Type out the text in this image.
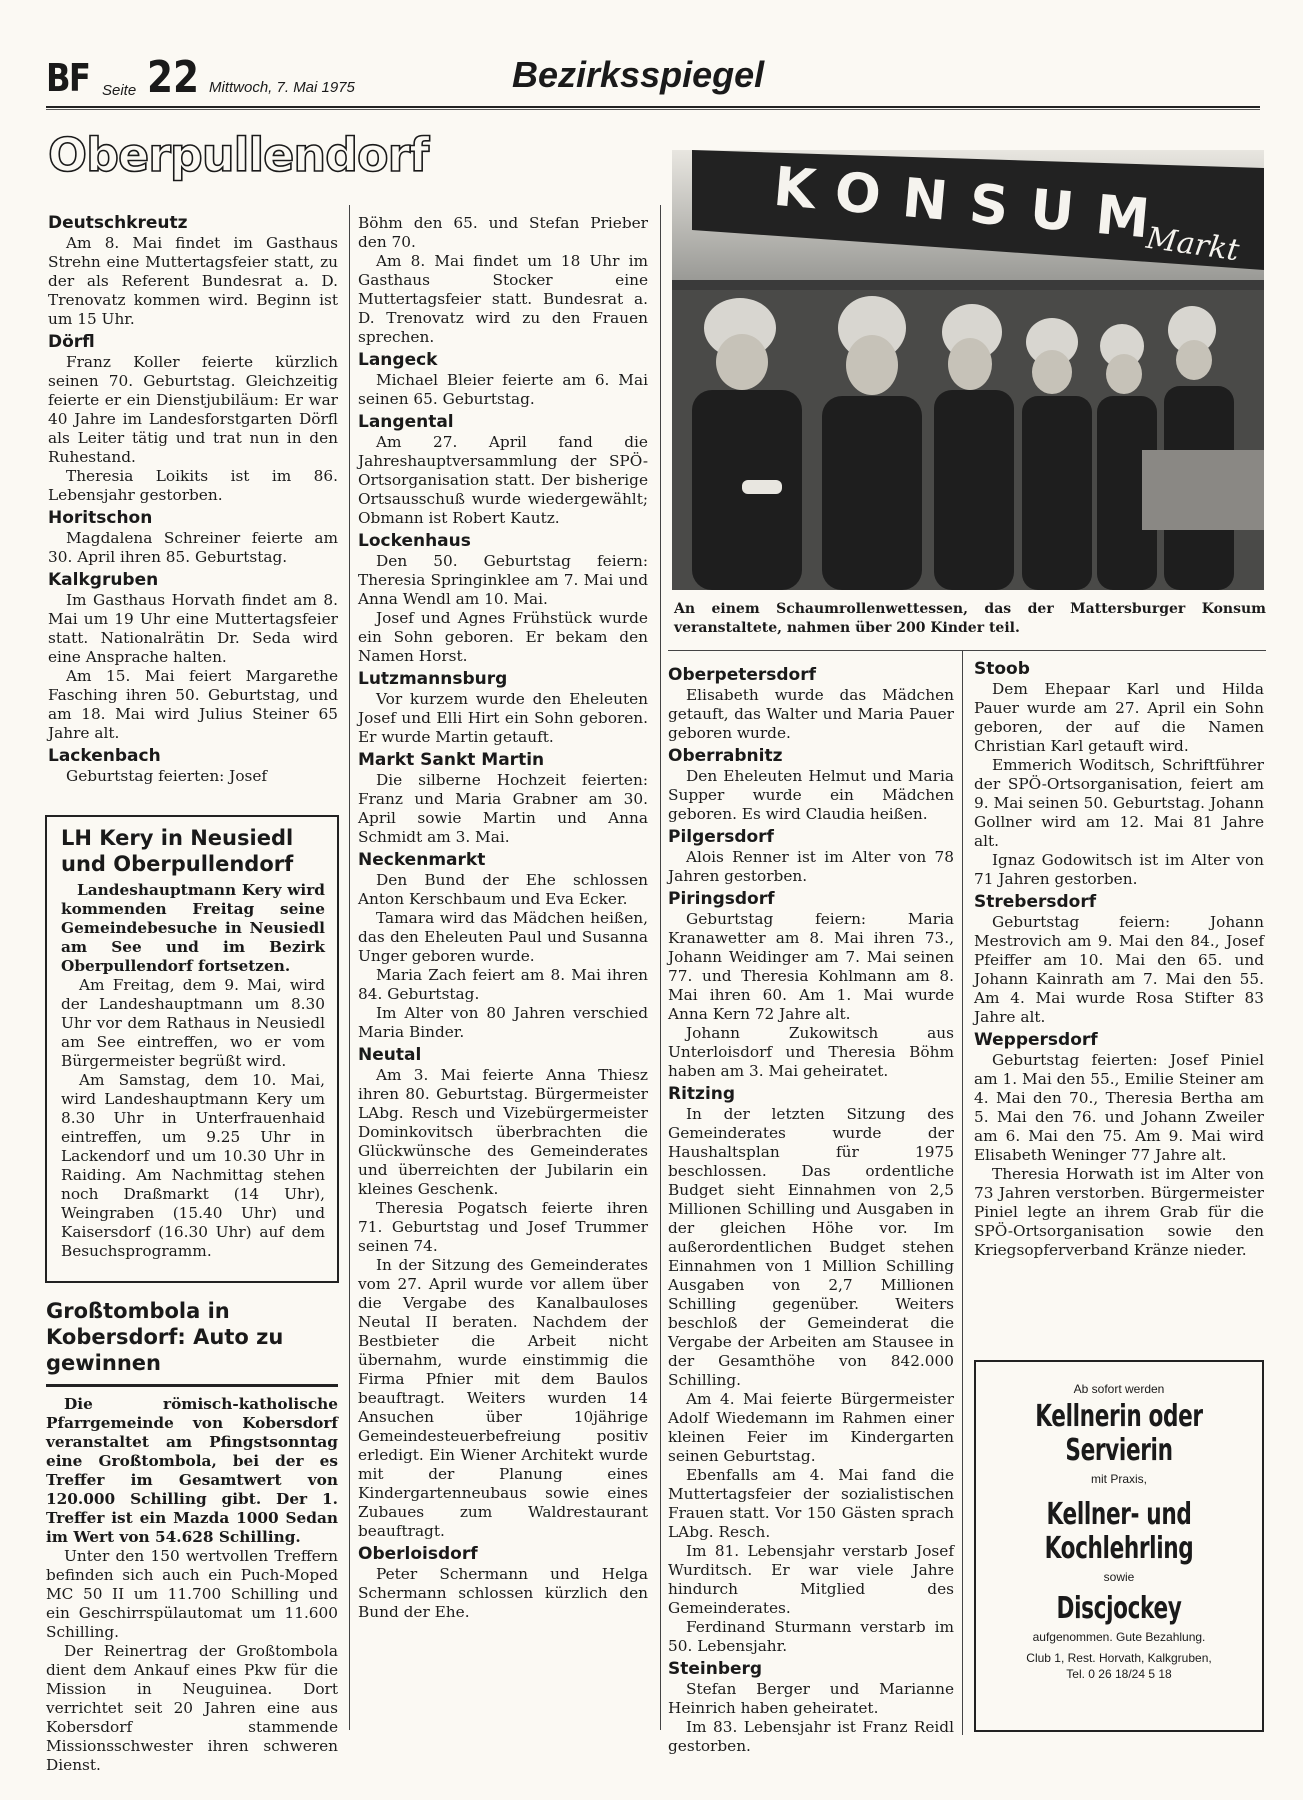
BF Seite 22 Mittwoch, 7. Mai 1975	Bezirksspiegel
Oberpullendorf
Deutschkreutz

Am 8. Mai findet im Gasthaus Strehn eine Muttertagsfeier statt, zu der als Referent Bundesrat a. D. Trenovatz kommen wird. Beginn ist um 15 Uhr.

Dörfl

Franz Koller feierte kürzlich seinen 70. Geburtstag. Gleichzeitig feierte er ein Dienstjubiläum: Er war 40 Jahre im Landesforstgarten Dörfl als Leiter tätig und trat nun in den Ruhestand.

Theresia Loikits ist im 86. Lebensjahr gestorben.

Horitschon

Magdalena Schreiner feierte am 30. April ihren 85. Geburtstag.

Kalkgruben

Im Gasthaus Horvath findet am 8. Mai um 19 Uhr eine Muttertagsfeier statt. Nationalrätin Dr. Seda wird eine Ansprache halten.

Am 15. Mai feiert Margarethe Fasching ihren 50. Geburtstag, und am 18. Mai wird Julius Steiner 65 Jahre alt.

Lackenbach

Geburtstag feierten: Josef

Böhm den 65. und Stefan Prieber den 70.

Am 8. Mai findet um 18 Uhr im Gasthaus Stocker eine Muttertagsfeier statt. Bundesrat a. D. Trenovatz wird zu den Frauen sprechen.

Langeck

Michael Bleier feierte am 6. Mai seinen 65. Geburtstag.

Langental

Am 27. April fand die Jahreshauptversammlung der SPÖ-Ortsorganisation statt. Der bisherige Ortsausschuß wurde wiedergewählt; Obmann ist Robert Kautz.

Lockenhaus

Den 50. Geburtstag feiern: Theresia Springinklee am 7. Mai und Anna Wendl am 10. Mai.

Josef und Agnes Frühstück wurde ein Sohn geboren. Er bekam den Namen Horst.

Lutzmannsburg

Vor kurzem wurde den Eheleuten Josef und Elli Hirt ein Sohn geboren. Er wurde Martin getauft.

Markt Sankt Martin

Die silberne Hochzeit feierten: Franz und Maria Grabner am 30. April sowie Martin und Anna Schmidt am 3. Mai.

Neckenmarkt

Den Bund der Ehe schlossen Anton Kerschbaum und Eva Ecker.

Tamara wird das Mädchen heißen, das den Eheleuten Paul und Susanna Unger geboren wurde.

Maria Zach feiert am 8. Mai ihren 84. Geburtstag.

Im Alter von 80 Jahren verschied Maria Binder.

Neutal

Am 3. Mai feierte Anna Thiesz ihren 80. Geburtstag. Bürgermeister LAbg. Resch und Vizebürgermeister Dominkovitsch überbrachten die Glückwünsche des Gemeinderates und überreichten der Jubilarin ein kleines Geschenk.

Theresia Pogatsch feierte ihren 71. Geburtstag und Josef Trummer seinen 74.

In der Sitzung des Gemeinderates vom 27. April wurde vor allem über die Vergabe des Kanalbauloses Neutal II beraten. Nachdem der Bestbieter die Arbeit nicht übernahm, wurde einstimmig die Firma Pfnier mit dem Baulos beauftragt. Weiters wurden 14 Ansuchen über 10jährige Gemeindesteuerbefreiung positiv erledigt. Ein Wiener Architekt wurde mit der Planung eines Kindergartenneubaus sowie eines Zubaues zum Waldrestaurant beauftragt.

Oberloisdorf

Peter Schermann und Helga Schermann schlossen kürzlich den Bund der Ehe.

LH Kery in Neusiedl und Oberpullendorf

Landeshauptmann Kery wird kommenden Freitag seine Gemeindebesuche in Neusiedl am See und im Bezirk Oberpullendorf fortsetzen.

Am Freitag, dem 9. Mai, wird der Landeshauptmann um 8.30 Uhr vor dem Rathaus in Neusiedl am See eintreffen, wo er vom Bürgermeister begrüßt wird.

Am Samstag, dem 10. Mai, wird Landeshauptmann Kery um 8.30 Uhr in Unterfrauenhaid eintreffen, um 9.25 Uhr in Lackendorf und um 10.30 Uhr in Raiding. Am Nachmittag stehen noch Draßmarkt (14 Uhr), Weingraben (15.40 Uhr) und Kaisersdorf (16.30 Uhr) auf dem Besuchsprogramm.

Großtombola in Kobersdorf: Auto zu gewinnen

Die römisch-katholische Pfarrgemeinde von Kobersdorf veranstaltet am Pfingstsonntag eine Großtombola, bei der es Treffer im Gesamtwert von 120.000 Schilling gibt. Der 1. Treffer ist ein Mazda 1000 Sedan im Wert von 54.628 Schilling.

Unter den 150 wertvollen Treffern befinden sich auch ein Puch-Moped MC 50 II um 11.700 Schilling und ein Geschirrspülautomat um 11.600 Schilling.

Der Reinertrag der Großtombola dient dem Ankauf eines Pkw für die Mission in Neuguinea. Dort verrichtet seit 20 Jahren eine aus Kobersdorf stammende Missionsschwester ihren schweren Dienst.

KONSUM
Markt
An einem Schaumrollenwettessen, das der Mattersburger Konsum veranstaltete, nahmen über 200 Kinder teil.
Oberpetersdorf

Elisabeth wurde das Mädchen getauft, das Walter und Maria Pauer geboren wurde.

Oberrabnitz

Den Eheleuten Helmut und Maria Supper wurde ein Mädchen geboren. Es wird Claudia heißen.

Pilgersdorf

Alois Renner ist im Alter von 78 Jahren gestorben.

Piringsdorf

Geburtstag feiern: Maria Kranawetter am 8. Mai ihren 73., Johann Weidinger am 7. Mai seinen 77. und Theresia Kohlmann am 8. Mai ihren 60. Am 1. Mai wurde Anna Kern 72 Jahre alt.

Johann Zukowitsch aus Unterloisdorf und Theresia Böhm haben am 3. Mai geheiratet.

Ritzing

In der letzten Sitzung des Gemeinderates wurde der Haushaltsplan für 1975 beschlossen. Das ordentliche Budget sieht Einnahmen von 2,5 Millionen Schilling und Ausgaben in der gleichen Höhe vor. Im außerordentlichen Budget stehen Einnahmen von 1 Million Schilling Ausgaben von 2,7 Millionen Schilling gegenüber. Weiters beschloß der Gemeinderat die Vergabe der Arbeiten am Stausee in der Gesamthöhe von 842.000 Schilling.

Am 4. Mai feierte Bürgermeister Adolf Wiedemann im Rahmen einer kleinen Feier im Kindergarten seinen Geburtstag.

Ebenfalls am 4. Mai fand die Muttertagsfeier der sozialistischen Frauen statt. Vor 150 Gästen sprach LAbg. Resch.

Im 81. Lebensjahr verstarb Josef Wurditsch. Er war viele Jahre hindurch Mitglied des Gemeinderates.

Ferdinand Sturmann verstarb im 50. Lebensjahr.

Steinberg

Stefan Berger und Marianne Heinrich haben geheiratet.

Im 83. Lebensjahr ist Franz Reidl gestorben.

Stoob

Dem Ehepaar Karl und Hilda Pauer wurde am 27. April ein Sohn geboren, der auf die Namen Christian Karl getauft wird.

Emmerich Woditsch, Schriftführer der SPÖ-Ortsorganisation, feiert am 9. Mai seinen 50. Geburtstag. Johann Gollner wird am 12. Mai 81 Jahre alt.

Ignaz Godowitsch ist im Alter von 71 Jahren gestorben.

Strebersdorf

Geburtstag feiern: Johann Mestrovich am 9. Mai den 84., Josef Pfeiffer am 10. Mai den 65. und Johann Kainrath am 7. Mai den 55. Am 4. Mai wurde Rosa Stifter 83 Jahre alt.

Weppersdorf

Geburtstag feierten: Josef Piniel am 1. Mai den 55., Emilie Steiner am 4. Mai den 70., Theresia Bertha am 5. Mai den 76. und Johann Zweiler am 6. Mai den 75. Am 9. Mai wird Elisabeth Weninger 77 Jahre alt.

Theresia Horwath ist im Alter von 73 Jahren verstorben. Bürgermeister Piniel legte an ihrem Grab für die SPÖ-Ortsorganisation sowie den Kriegsopferverband Kränze nieder.

Ab sofort werden
Kellnerin oder
Servierin
mit Praxis,
Kellner- und
Kochlehrling
sowie
Discjockey
aufgenommen. Gute Bezahlung.
Club 1, Rest. Horvath, Kalkgruben,
Tel. 0 26 18/24 5 18
